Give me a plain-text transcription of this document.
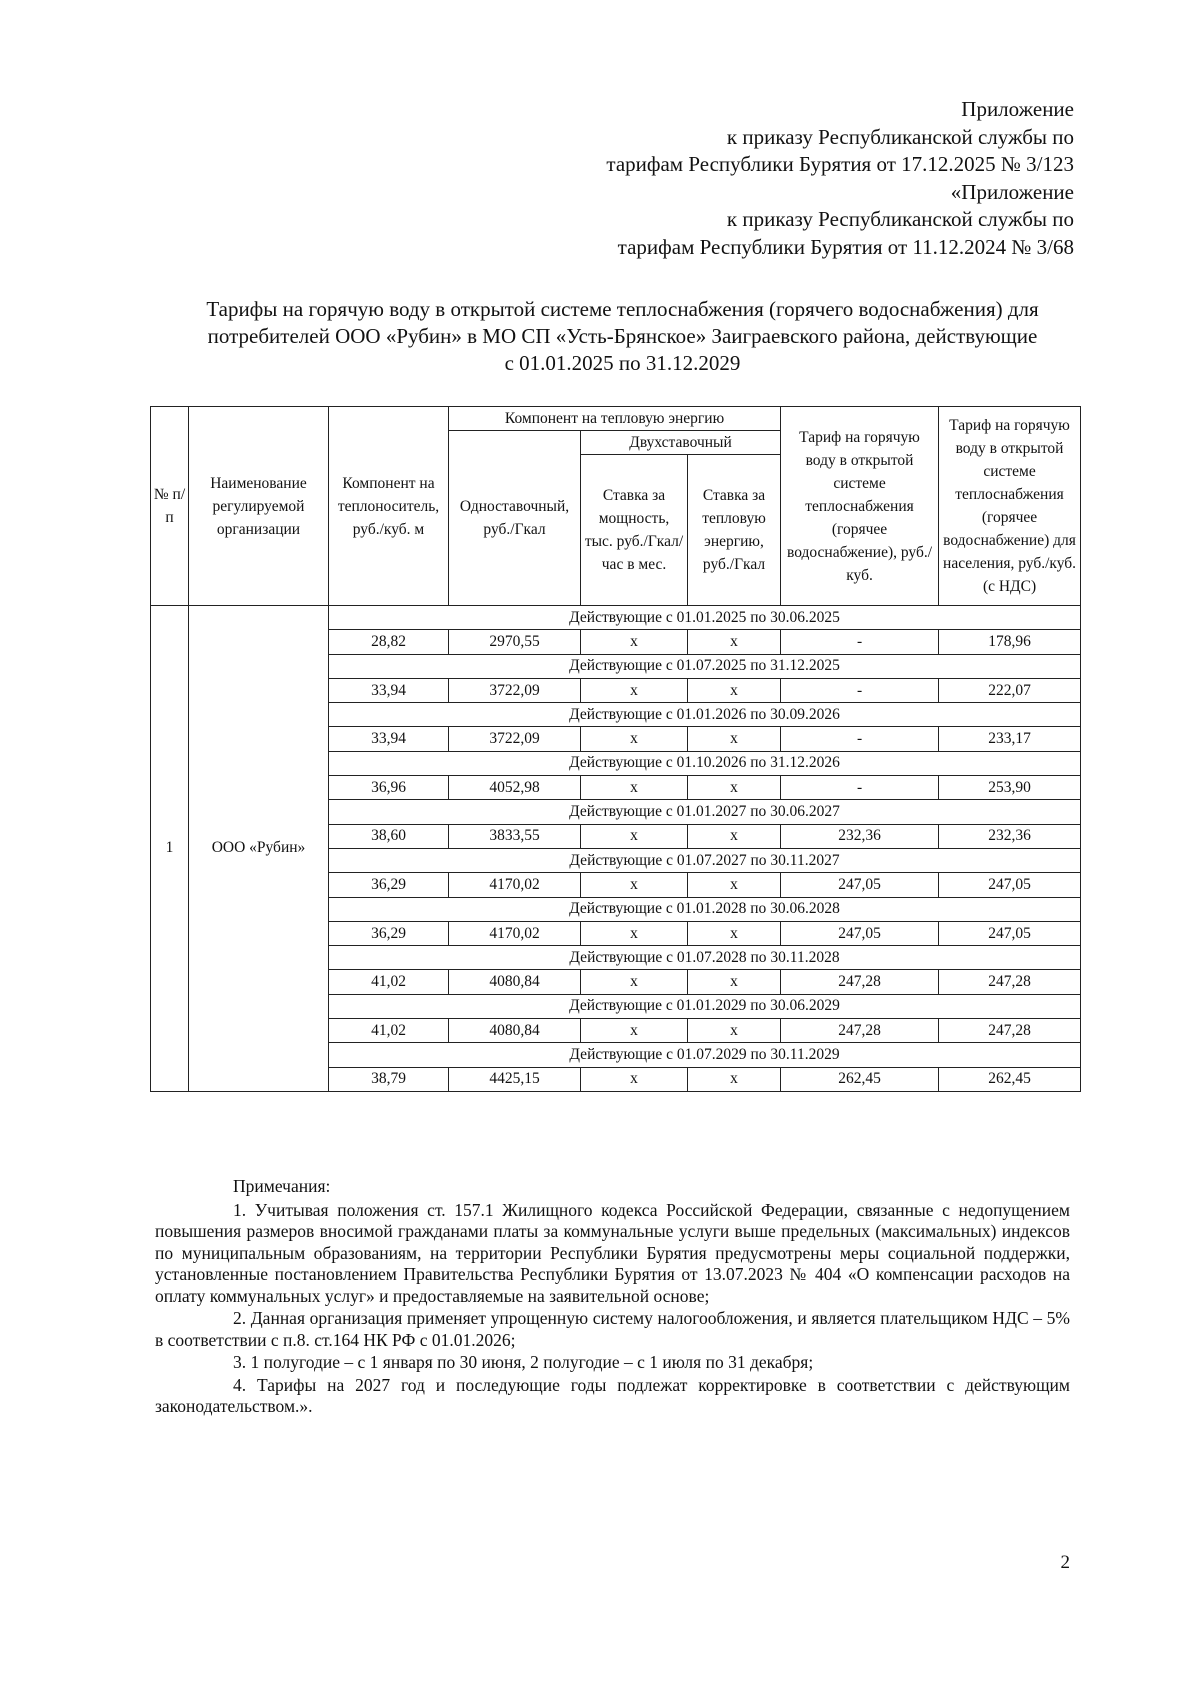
Приложение
к приказу Республиканской службы по
тарифам Республики Бурятия от 17.12.2025 № 3/123
«Приложение
к приказу Республиканской службы по
тарифам Республики Бурятия от 11.12.2024 № 3/68
Тарифы на горячую воду в открытой системе теплоснабжения (горячего водоснабжения) для
потребителей ООО «Рубин» в МО СП «Усть-Брянское» Заиграевского района, действующие
с 01.01.2025 по 31.12.2029
№ п/п	Наименование регулируемой организации	Компонент на теплоноситель, руб./куб. м	Компонент на тепловую энергию			Тариф на горячую воду в открытой системе теплоснабжения (горячее водоснабжение), руб./куб.	Тариф на горячую воду в открытой системе теплоснабжения (горячее водоснабжение) для населения, руб./куб. (с НДС)
			Одноставочный, руб./Гкал	Двухставочный			
				Ставка за мощность, тыс. руб./Гкал/час в мес.	Ставка за тепловую энергию, руб./Гкал		
1	ООО «Рубин»	Действующие с 01.01.2025 по 30.06.2025					
		28,82	2970,55	х	х	-	178,96
		Действующие с 01.07.2025 по 31.12.2025					
		33,94	3722,09	х	х	-	222,07
		Действующие с 01.01.2026 по 30.09.2026					
		33,94	3722,09	х	х	-	233,17
		Действующие с 01.10.2026 по 31.12.2026					
		36,96	4052,98	х	х	-	253,90
		Действующие с 01.01.2027 по 30.06.2027					
		38,60	3833,55	х	х	232,36	232,36
		Действующие с 01.07.2027 по 30.11.2027					
		36,29	4170,02	х	х	247,05	247,05
		Действующие с 01.01.2028 по 30.06.2028					
		36,29	4170,02	х	х	247,05	247,05
		Действующие с 01.07.2028 по 30.11.2028					
		41,02	4080,84	х	х	247,28	247,28
		Действующие с 01.01.2029 по 30.06.2029					
		41,02	4080,84	х	х	247,28	247,28
		Действующие с 01.07.2029 по 30.11.2029					
		38,79	4425,15	х	х	262,45	262,45
Примечания:

1. Учитывая положения ст. 157.1 Жилищного кодекса Российской Федерации, связанные с недопущением повышения размеров вносимой гражданами платы за коммунальные услуги выше предельных (максимальных) индексов по муниципальным образованиям, на территории Республики Бурятия предусмотрены меры социальной поддержки, установленные постановлением Правительства Республики Бурятия от 13.07.2023 № 404 «О компенсации расходов на оплату коммунальных услуг» и предоставляемые на заявительной основе;

2. Данная организация применяет упрощенную систему налогообложения, и является плательщиком НДС – 5% в соответствии с п.8. ст.164 НК РФ с 01.01.2026;

3. 1 полугодие – с 1 января по 30 июня, 2 полугодие – с 1 июля по 31 декабря;

4. Тарифы на 2027 год и последующие годы подлежат корректировке в соответствии с действующим законодательством.».

2
